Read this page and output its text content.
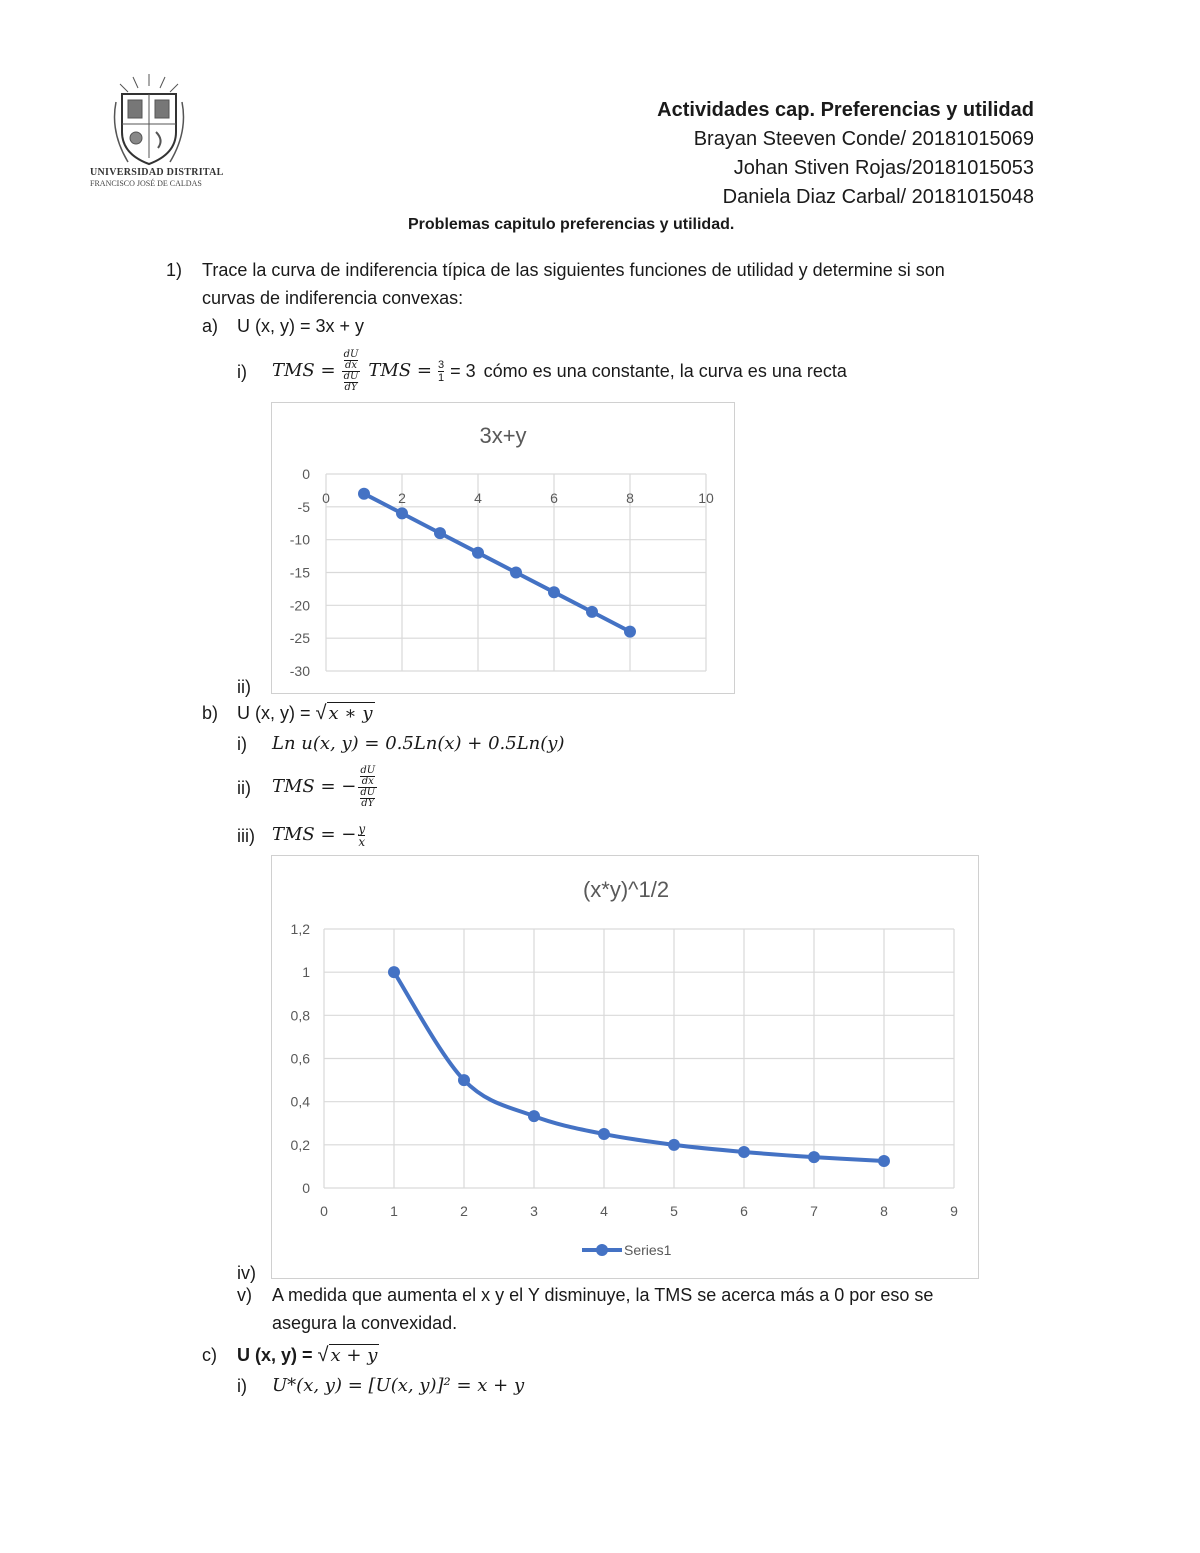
UNIVERSIDAD DISTRITAL
FRANCISCO JOSÉ DE CALDAS
Actividades cap. Preferencias y utilidad
Brayan Steeven Conde/ 20181015069
Johan Stiven Rojas/20181015053
Daniela Diaz Carbal/ 20181015048
Problemas capitulo preferencias y utilidad.
1) Trace la curva de indiferencia típica de las siguientes funciones de utilidad y determine si son
curvas de indiferencia convexas:
a) U (x, y) = 3x + y
i) TMS = dU
dx
dU
dY TMS = $\frac{3}{1} = 3$ cómo es una constante, la curva es una recta
3x+y
0	2	4	6	8	10
0
-5
-10
-15
-20
-25
-30
ii)
b) U (x, y) = √ x ∗ y
i) Ln u(x, y) = 0.5Ln(x) + 0.5Ln(y)
ii) TMS = − dU
dx
dU
dY
iii) TMS = − $\frac{y}{x}$
(x*y)^1/2
0	1	2	3	4	5	6	7	8	9
0
0,2
0,4
0,6
0,8
1
1,2
Series1
iv)
v) A medida que aumenta el x y el Y disminuye, la TMS se acerca más a 0 por eso se
asegura la convexidad.
c) U (x, y) = √ x + y
i) U*(x, y) = [U(x, y)]² = x + y
